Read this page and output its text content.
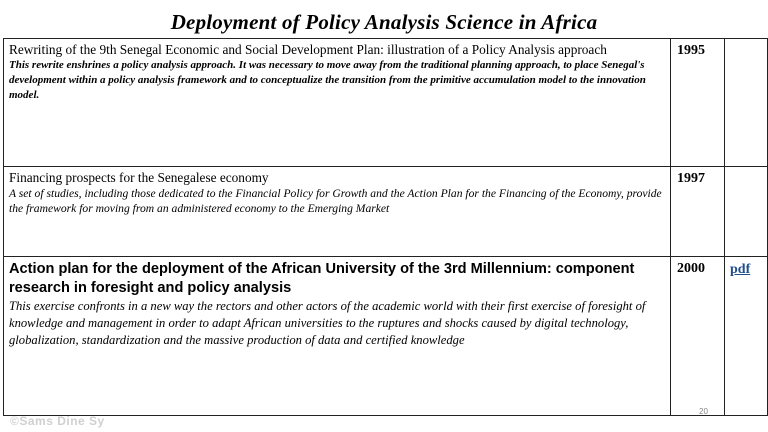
Deployment of Policy Analysis Science in Africa
Rewriting of the 9th Senegal Economic and Social Development Plan: illustration of a Policy Analysis approach
This rewrite enshrines a policy analysis approach. It was necessary to move away from the traditional planning approach, to place Senegal's development within a policy analysis framework and to conceptualize the transition from the primitive accumulation model to the innovation model.	1995	

Financing prospects for the Senegalese economy
A set of studies, including those dedicated to the Financial Policy for Growth and the Action Plan for the Financing of the Economy, provide the framework for moving from an administered economy to the Emerging Market	1997	

Action plan for the deployment of the African University of the 3rd Millennium: component research in foresight and policy analysis
This exercise confronts in a new way the rectors and other actors of the academic world with their first exercise of foresight of knowledge and management in order to adapt African universities to the ruptures and shocks caused by digital technology, globalization, standardization and the massive production of data and certified knowledge	2000	pdf
20
©Sams Dine Sy
